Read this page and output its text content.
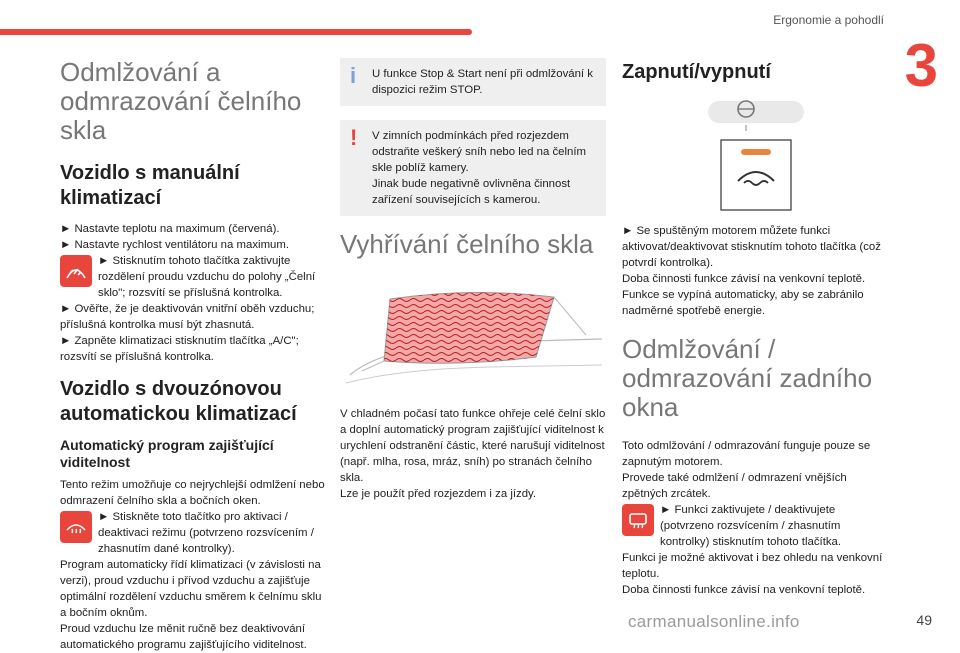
Ergonomie a pohodlí
3
Odmlžování a odmrazování čelního skla
Vozidlo s manuální klimatizací

► Nastavte teplotu na maximum (červená).

► Nastavte rychlost ventilátoru na maximum.

► Stisknutím tohoto tlačítka zaktivujte rozdělení proudu vzduchu do polohy „Čelní sklo"; rozsvítí se příslušná kontrolka.

► Ověřte, že je deaktivován vnitřní oběh vzduchu; příslušná kontrolka musí být zhasnutá.

► Zapněte klimatizaci stisknutím tlačítka „A/C"; rozsvítí se příslušná kontrolka.

Vozidlo s dvouzónovou automatickou klimatizací
Automatický program zajišťující viditelnost

Tento režim umožňuje co nejrychlejší odmlžení nebo odmrazení čelního skla a bočních oken.

► Stiskněte toto tlačítko pro aktivaci / deaktivaci režimu (potvrzeno rozsvícením / zhasnutím dané kontrolky).

Program automaticky řídí klimatizaci (v závislosti na verzi), proud vzduchu i přívod vzduchu a zajišťuje optimální rozdělení vzduchu směrem k čelnímu sklu a bočním oknům.

Proud vzduchu lze měnit ručně bez deaktivování automatického programu zajišťujícího viditelnost.

i U funkce Stop & Start není při odmlžování k dispozici režim STOP.

! V zimních podmínkách před rozjezdem odstraňte veškerý sníh nebo led na čelním skle poblíž kamery.

Jinak bude negativně ovlivněna činnost zařízení souvisejících s kamerou.

Vyhřívání čelního skla

V chladném počasí tato funkce ohřeje celé čelní sklo a doplní automatický program zajišťující viditelnost k urychlení odstranění částic, které narušují viditelnost (např. mlha, rosa, mráz, sníh) po stranách čelního skla.

Lze je použít před rozjezdem i za jízdy.

Zapnutí/vypnutí

► Se spuštěným motorem můžete funkci aktivovat/deaktivovat stisknutím tohoto tlačítka (což potvrdí kontrolka).

Doba činnosti funkce závisí na venkovní teplotě.

Funkce se vypíná automaticky, aby se zabránilo nadměrné spotřebě energie.

Odmlžování / odmrazování zadního okna

Toto odmlžování / odmrazování funguje pouze se zapnutým motorem.

Provede také odmlžení / odmrazení vnějších zpětných zrcátek.

► Funkci zaktivujete / deaktivujete (potvrzeno rozsvícením / zhasnutím kontrolky) stisknutím tohoto tlačítka.

Funkci je možné aktivovat i bez ohledu na venkovní teplotu.

Doba činnosti funkce závisí na venkovní teplotě.

carmanualsonline.info	49
